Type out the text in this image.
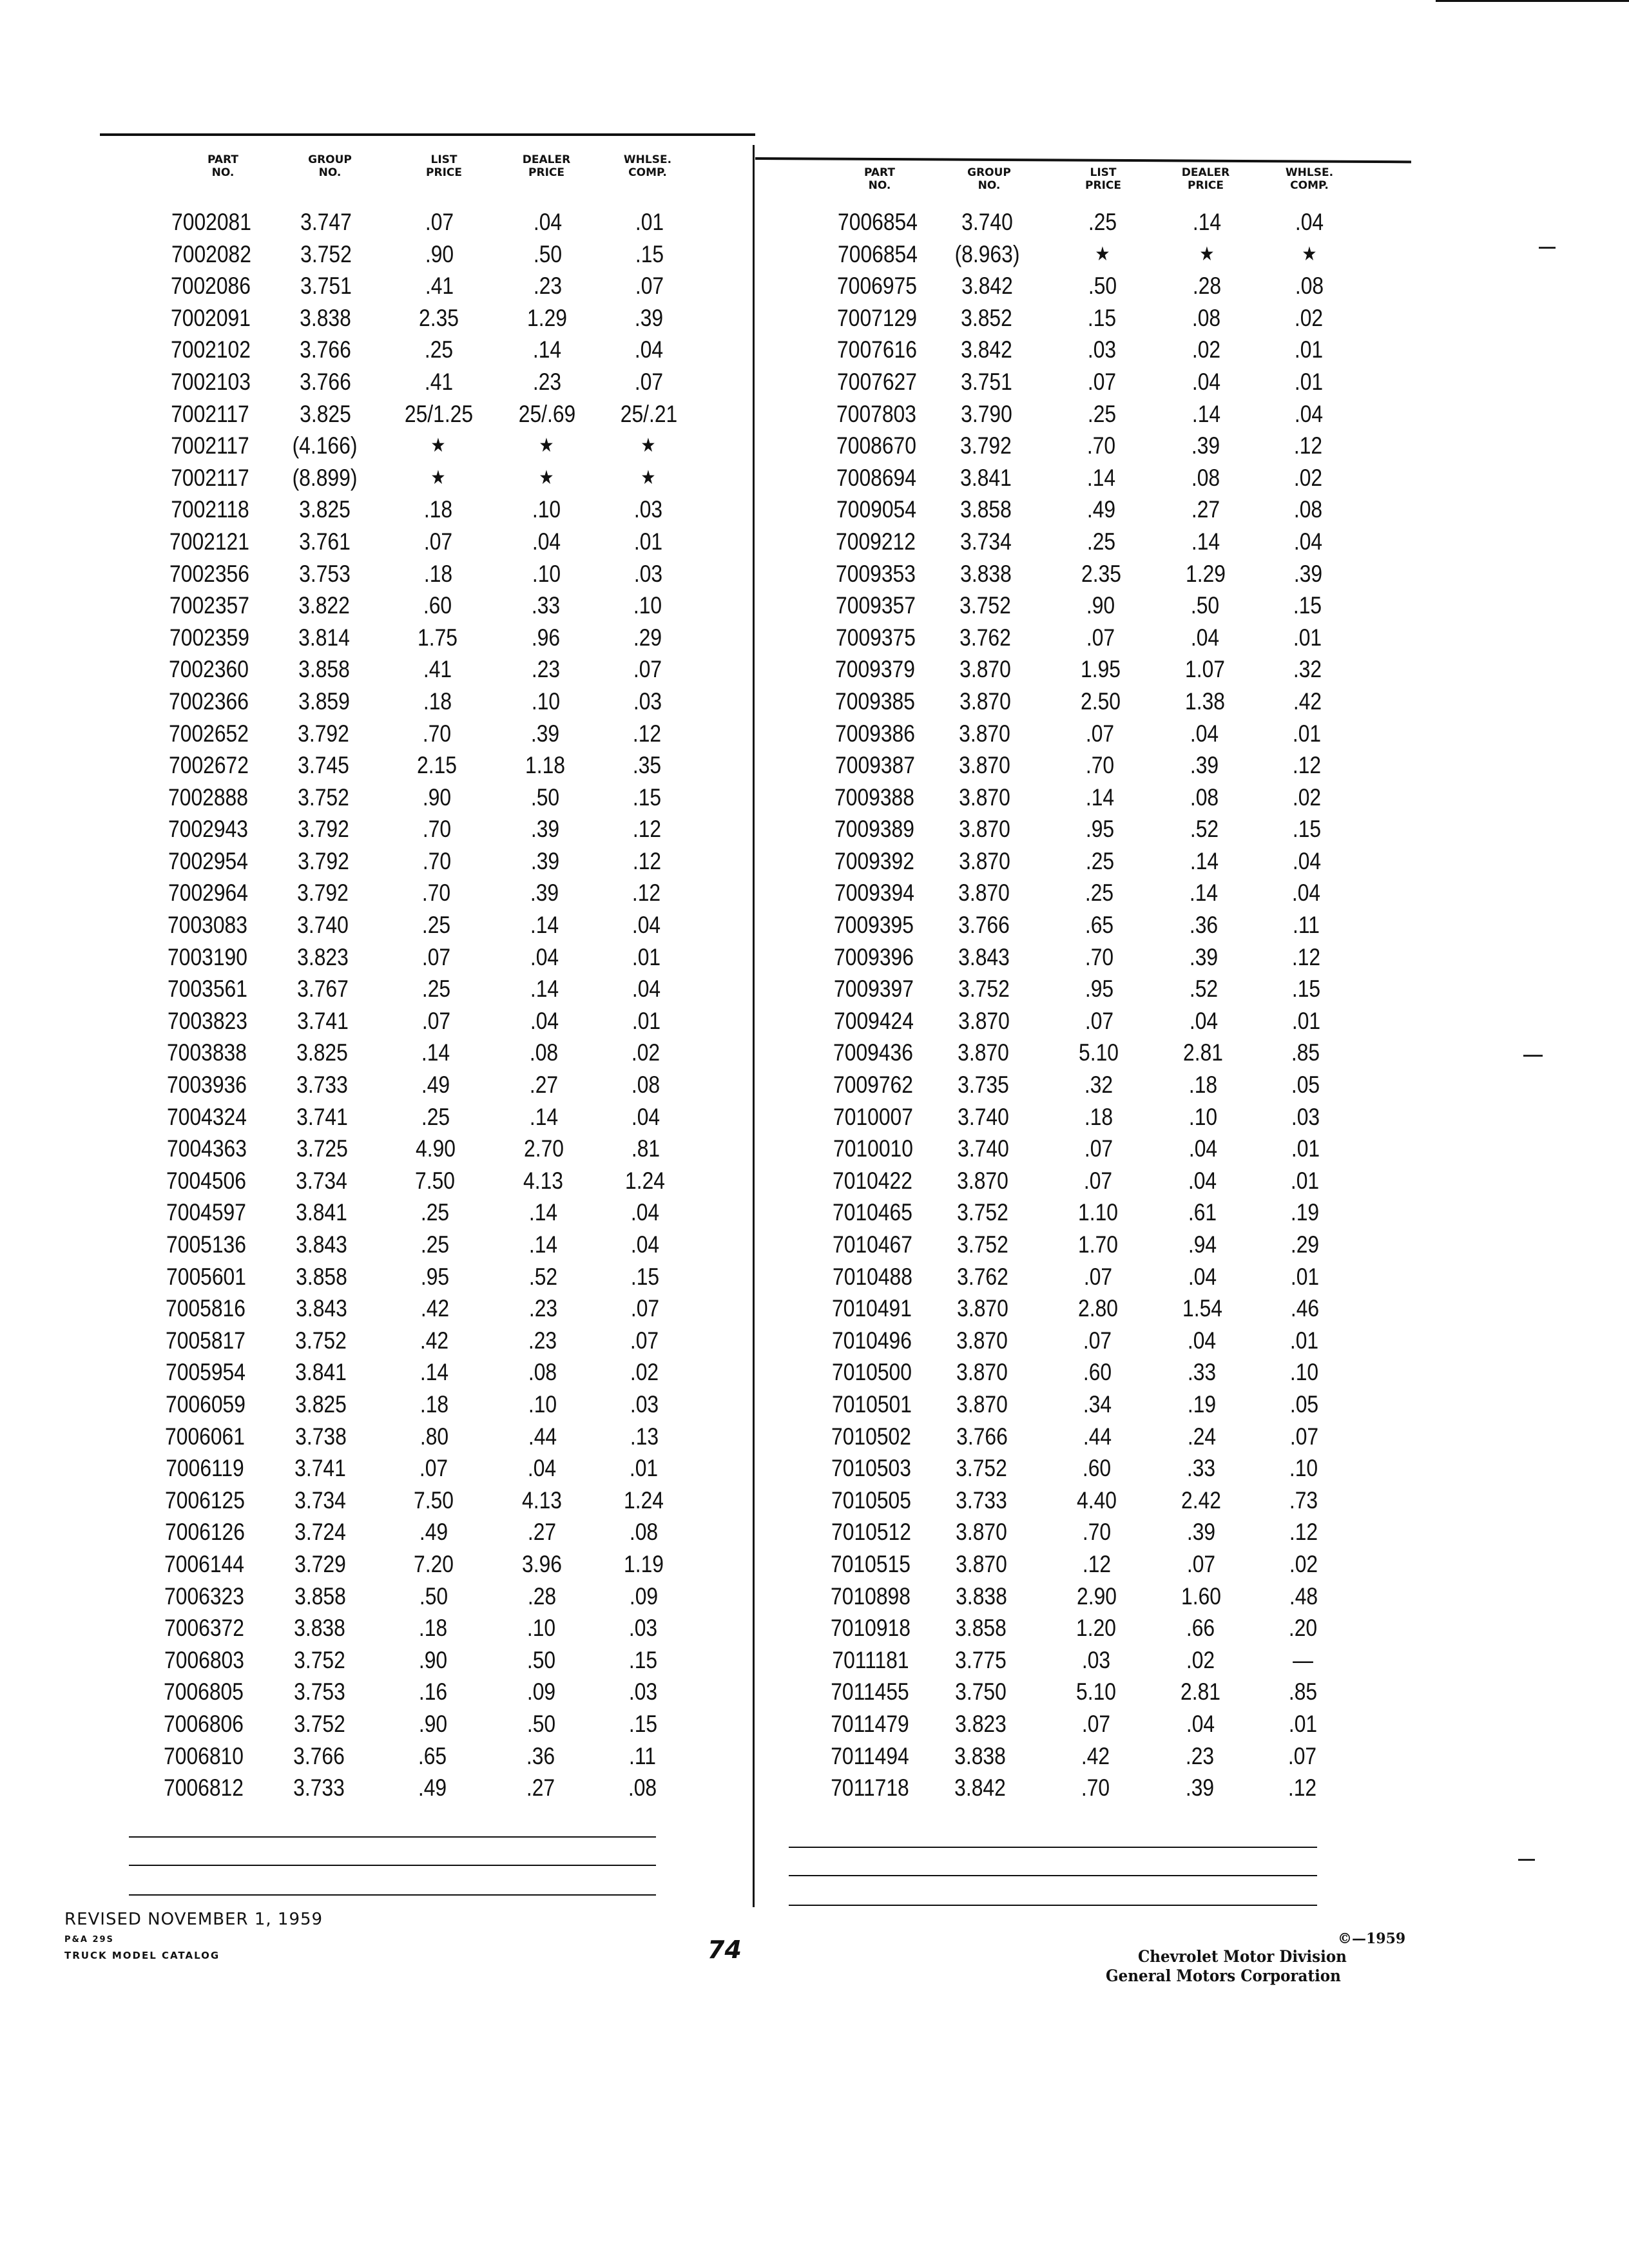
PART
NO.
GROUP
NO.
LIST
PRICE
DEALER
PRICE
WHLSE.
COMP.
7002081 3.747	.07	.04	.01
7002082 3.752	.90	.50	.15
7002086 3.751	.41	.23	.07
7002091 3.838	2.35	1.29	.39
7002102 3.766	.25	.14	.04
7002103 3.766	.41	.23	.07
7002117 3.825 25/1.25 25/.69 25/.21
7002117 (4.166)	★	★	★
7002117 (8.899)	★	★	★
7002118 3.825	.18	.10	.03
7002121 3.761	.07	.04	.01
7002356 3.753	.18	.10	.03
7002357 3.822	.60	.33	.10
7002359 3.814	1.75	.96	.29
7002360 3.858	.41	.23	.07
7002366 3.859	.18	.10	.03
7002652 3.792	.70	.39	.12
7002672 3.745	2.15	1.18	.35
7002888 3.752	.90	.50	.15
7002943 3.792	.70	.39	.12
7002954 3.792	.70	.39	.12
7002964 3.792	.70	.39	.12
7003083 3.740	.25	.14	.04
7003190 3.823	.07	.04	.01
7003561 3.767	.25	.14	.04
7003823 3.741	.07	.04	.01
7003838 3.825	.14	.08	.02
7003936 3.733	.49	.27	.08
7004324 3.741	.25	.14	.04
7004363 3.725	4.90	2.70	.81
7004506 3.734	7.50	4.13	1.24
7004597 3.841	.25	.14	.04
7005136 3.843	.25	.14	.04
7005601 3.858	.95	.52	.15
7005816 3.843	.42	.23	.07
7005817 3.752	.42	.23	.07
7005954 3.841	.14	.08	.02
7006059 3.825	.18	.10	.03
7006061 3.738	.80	.44	.13
7006119 3.741	.07	.04	.01
7006125 3.734	7.50	4.13	1.24
7006126 3.724	.49	.27	.08
7006144 3.729	7.20	3.96	1.19
7006323 3.858	.50	.28	.09
7006372 3.838	.18	.10	.03
7006803 3.752	.90	.50	.15
7006805 3.753	.16	.09	.03
7006806 3.752	.90	.50	.15
7006810 3.766	.65	.36	.11
7006812 3.733	.49	.27	.08
PART
NO.
GROUP
NO.
LIST
PRICE
DEALER
PRICE
WHLSE.
COMP.
7006854 3.740	.25	.14	.04
7006854 (8.963)	★	★	★
7006975 3.842	.50	.28	.08
7007129 3.852	.15	.08	.02
7007616 3.842	.03	.02	.01
7007627 3.751	.07	.04	.01
7007803 3.790	.25	.14	.04
7008670 3.792	.70	.39	.12
7008694 3.841	.14	.08	.02
7009054 3.858	.49	.27	.08
7009212 3.734	.25	.14	.04
7009353 3.838	2.35	1.29	.39
7009357 3.752	.90	.50	.15
7009375 3.762	.07	.04	.01
7009379 3.870	1.95	1.07	.32
7009385 3.870	2.50	1.38	.42
7009386 3.870	.07	.04	.01
7009387 3.870	.70	.39	.12
7009388 3.870	.14	.08	.02
7009389 3.870	.95	.52	.15
7009392 3.870	.25	.14	.04
7009394 3.870	.25	.14	.04
7009395 3.766	.65	.36	.11
7009396 3.843	.70	.39	.12
7009397 3.752	.95	.52	.15
7009424 3.870	.07	.04	.01
7009436 3.870	5.10	2.81	.85
7009762 3.735	.32	.18	.05
7010007 3.740	.18	.10	.03
7010010 3.740	.07	.04	.01
7010422 3.870	.07	.04	.01
7010465 3.752	1.10	.61	.19
7010467 3.752	1.70	.94	.29
7010488 3.762	.07	.04	.01
7010491 3.870	2.80	1.54	.46
7010496 3.870	.07	.04	.01
7010500 3.870	.60	.33	.10
7010501 3.870	.34	.19	.05
7010502 3.766	.44	.24	.07
7010503 3.752	.60	.33	.10
7010505 3.733	4.40	2.42	.73
7010512 3.870	.70	.39	.12
7010515 3.870	.12	.07	.02
7010898 3.838	2.90	1.60	.48
7010918 3.858	1.20	.66	.20
7011181 3.775	.03	.02	—
7011455 3.750	5.10	2.81	.85
7011479 3.823	.07	.04	.01
7011494 3.838	.42	.23	.07
7011718 3.842	.70	.39	.12
REVISED NOVEMBER 1, 1959
P&A 29S
TRUCK MODEL CATALOG	74	©—1959
Chevrolet Motor Division
General Motors Corporation
